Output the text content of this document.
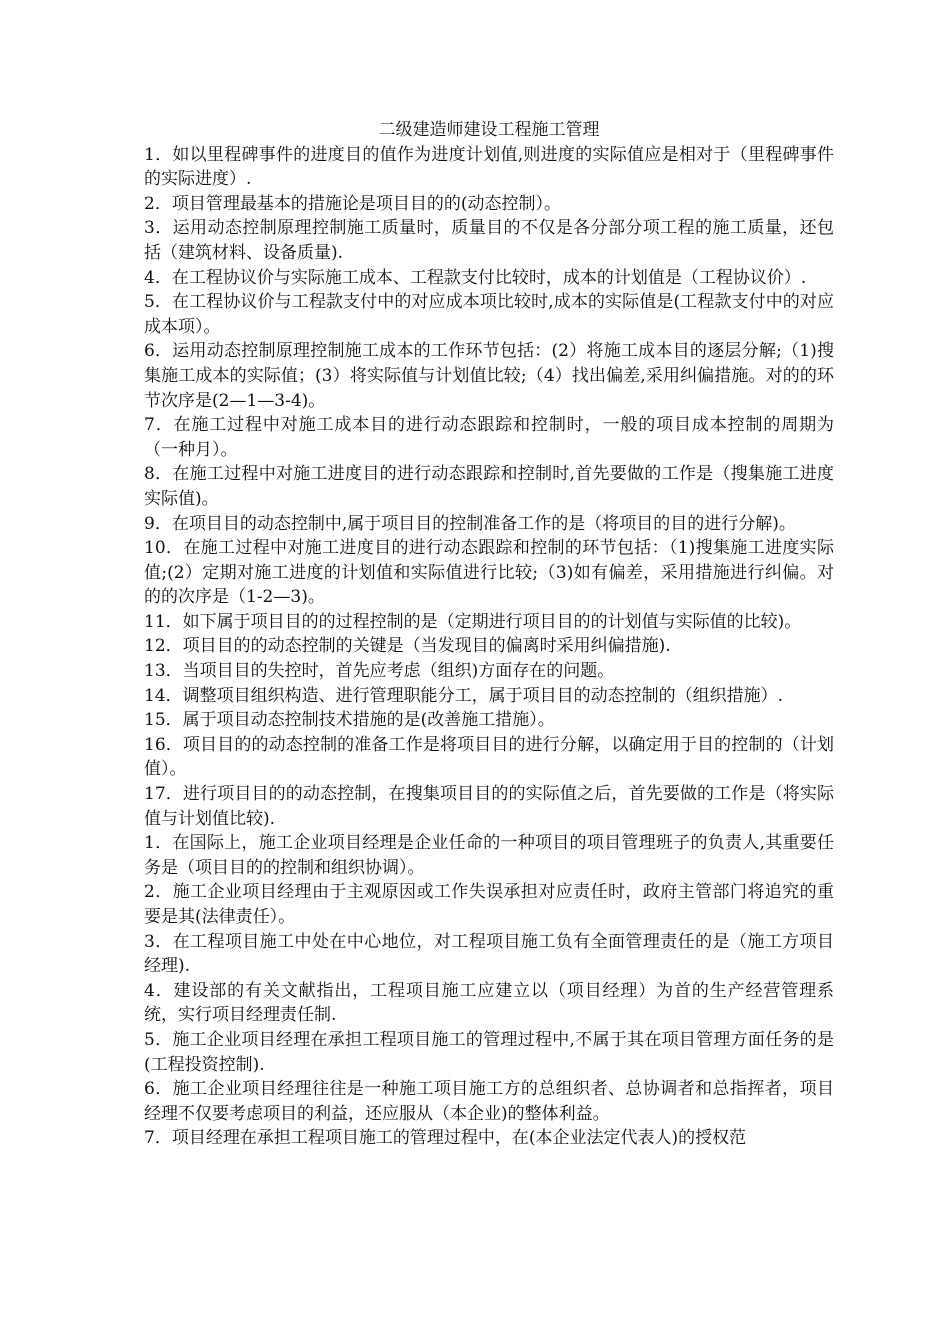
二级建造师建设工程施工管理

1．如以里程碑事件的进度目的值作为进度计划值,则进度的实际值应是相对于（里程碑事件的实际进度）.

2．项目管理最基本的措施论是项目目的的(动态控制）。

3．运用动态控制原理控制施工质量时，质量目的不仅是各分部分项工程的施工质量，还包括（建筑材料、设备质量).

4．在工程协议价与实际施工成本、工程款支付比较时，成本的计划值是（工程协议价）.

5．在工程协议价与工程款支付中的对应成本项比较时,成本的实际值是(工程款支付中的对应成本项）。

6．运用动态控制原理控制施工成本的工作环节包括：(2）将施工成本目的逐层分解;（1)搜集施工成本的实际值；(3）将实际值与计划值比较;（4）找出偏差,采用纠偏措施。对的的环节次序是(2—1—3-4)。

7．在施工过程中对施工成本目的进行动态跟踪和控制时，一般的项目成本控制的周期为（一种月）。

8．在施工过程中对施工进度目的进行动态跟踪和控制时,首先要做的工作是（搜集施工进度实际值)。

9．在项目目的动态控制中,属于项目目的控制准备工作的是（将项目的目的进行分解)。

10．在施工过程中对施工进度目的进行动态跟踪和控制的环节包括：（1)搜集施工进度实际值;(2）定期对施工进度的计划值和实际值进行比较;（3)如有偏差，采用措施进行纠偏。对的的次序是（1-2—3)。

11．如下属于项目目的的过程控制的是（定期进行项目目的的计划值与实际值的比较)。

12．项目目的的动态控制的关键是（当发现目的偏离时采用纠偏措施).

13．当项目目的失控时，首先应考虑（组织)方面存在的问题。

14．调整项目组织构造、进行管理职能分工，属于项目目的动态控制的（组织措施）.

15．属于项目动态控制技术措施的是(改善施工措施）。

16．项目目的的动态控制的准备工作是将项目目的进行分解，以确定用于目的控制的（计划值）。

17．进行项目目的的动态控制，在搜集项目目的的实际值之后，首先要做的工作是（将实际值与计划值比较).

1．在国际上，施工企业项目经理是企业任命的一种项目的项目管理班子的负责人,其重要任务是（项目目的的控制和组织协调）。

2．施工企业项目经理由于主观原因或工作失误承担对应责任时，政府主管部门将追究的重要是其(法律责任）。

3．在工程项目施工中处在中心地位，对工程项目施工负有全面管理责任的是（施工方项目经理).

4．建设部的有关文献指出，工程项目施工应建立以（项目经理）为首的生产经营管理系统，实行项目经理责任制.

5．施工企业项目经理在承担工程项目施工的管理过程中,不属于其在项目管理方面任务的是(工程投资控制).

6．施工企业项目经理往往是一种施工项目施工方的总组织者、总协调者和总指挥者，项目经理不仅要考虑项目的利益，还应服从（本企业)的整体利益。

7．项目经理在承担工程项目施工的管理过程中，在(本企业法定代表人)的授权范
